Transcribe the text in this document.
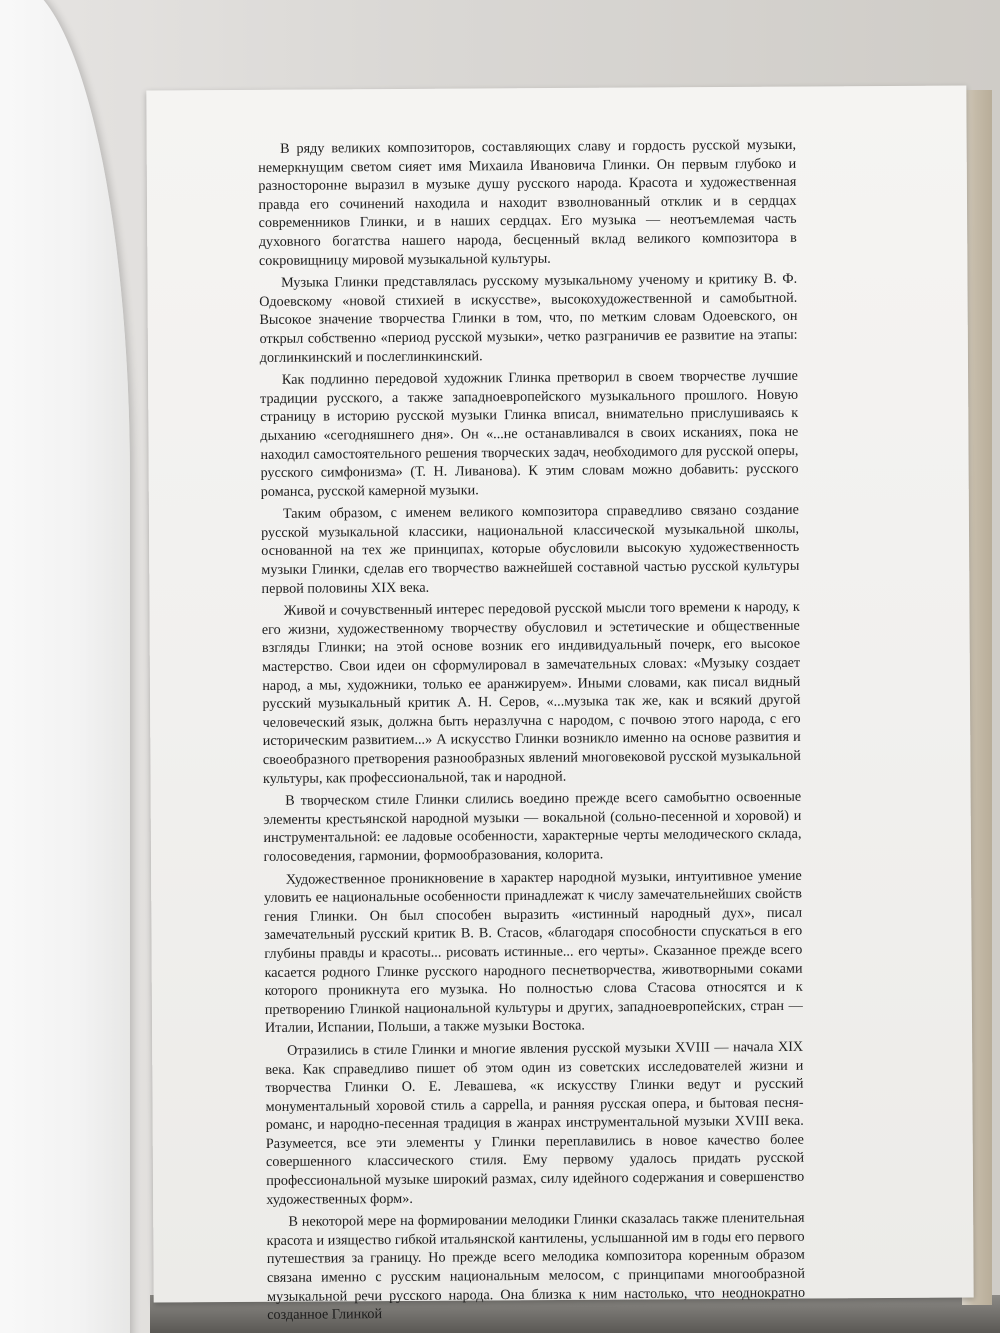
В ряду великих композиторов, составляющих славу и гордость русской музыки, немеркнущим светом сияет имя Михаила Ивановича Глинки. Он первым глубоко и разносторонне выразил в музыке душу русского народа. Красота и художественная правда его сочинений находила и находит взволнованный отклик и в сердцах современников Глинки, и в наших сердцах. Его музыка — неотъемлемая часть духовного богатства нашего народа, бесценный вклад великого композитора в сокровищницу мировой музыкальной культуры.

Музыка Глинки представлялась русскому музыкальному ученому и критику В. Ф. Одоевскому «новой стихией в искусстве», высокохудожественной и самобытной. Высокое значение творчества Глинки в том, что, по метким словам Одоевского, он открыл собственно «период русской музыки», четко разграничив ее развитие на этапы: доглинкинский и послеглинкинский.

Как подлинно передовой художник Глинка претворил в своем творчестве лучшие традиции русского, а также западноевропейского музыкального прошлого. Новую страницу в историю русской музыки Глинка вписал, внимательно прислушиваясь к дыханию «сегодняшнего дня». Он «...не останавливался в своих исканиях, пока не находил самостоятельного решения творческих задач, необходимого для русской оперы, русского симфонизма» (Т. Н. Ливанова). К этим словам можно добавить: русского романса, русской камерной музыки.

Таким образом, с именем великого композитора справедливо связано создание русской музыкальной классики, национальной классической музыкальной школы, основанной на тех же принципах, которые обусловили высокую художественность музыки Глинки, сделав его творчество важнейшей составной частью русской культуры первой половины XIX века.

Живой и сочувственный интерес передовой русской мысли того времени к народу, к его жизни, художественному творчеству обусловил и эстетические и общественные взгляды Глинки; на этой основе возник его индивидуальный почерк, его высокое мастерство. Свои идеи он сформулировал в замечательных словах: «Музыку создает народ, а мы, художники, только ее аранжируем». Иными словами, как писал видный русский музыкальный критик А. Н. Серов, «...музыка так же, как и всякий другой человеческий язык, должна быть неразлучна с народом, с почвою этого народа, с его историческим развитием...» А искусство Глинки возникло именно на основе развития и своеобразного претворения разнообразных явлений многовековой русской музыкальной культуры, как профессиональной, так и народной.

В творческом стиле Глинки слились воедино прежде всего самобытно освоенные элементы крестьянской народной музыки — вокальной (сольно-песенной и хоровой) и инструментальной: ее ладовые особенности, характерные черты мелодического склада, голосоведения, гармонии, формообразования, колорита.

Художественное проникновение в характер народной музыки, интуитивное умение уловить ее национальные особенности принадлежат к числу замечательнейших свойств гения Глинки. Он был способен выразить «истинный народный дух», писал замечательный русский критик В. В. Стасов, «благодаря способности спускаться в его глубины правды и красоты... рисовать истинные... его черты». Сказанное прежде всего касается родного Глинке русского народного песнетворчества, животворными соками которого проникнута его музыка. Но полностью слова Стасова относятся и к претворению Глинкой национальной культуры и других, западноевропейских, стран — Италии, Испании, Польши, а также музыки Востока.

Отразились в стиле Глинки и многие явления русской музыки XVIII — начала XIX века. Как справедливо пишет об этом один из советских исследователей жизни и творчества Глинки О. Е. Левашева, «к искусству Глинки ведут и русский монументальный хоровой стиль a cappella, и ранняя русская опера, и бытовая песня-романс, и народно-песенная традиция в жанрах инструментальной музыки XVIII века. Разумеется, все эти элементы у Глинки переплавились в новое качество более совершенного классического стиля. Ему первому удалось придать русской профессиональной музыке широкий размах, силу идейного содержания и совершенство художественных форм».

В некоторой мере на формировании мелодики Глинки сказалась также пленительная красота и изящество гибкой итальянской кантилены, услышанной им в годы его первого путешествия за границу. Но прежде всего мелодика композитора коренным образом связана именно с русским национальным мелосом, с принципами многообразной музыкальной речи русского народа. Она близка к ним настолько, что неоднократно созданное Глинкой
